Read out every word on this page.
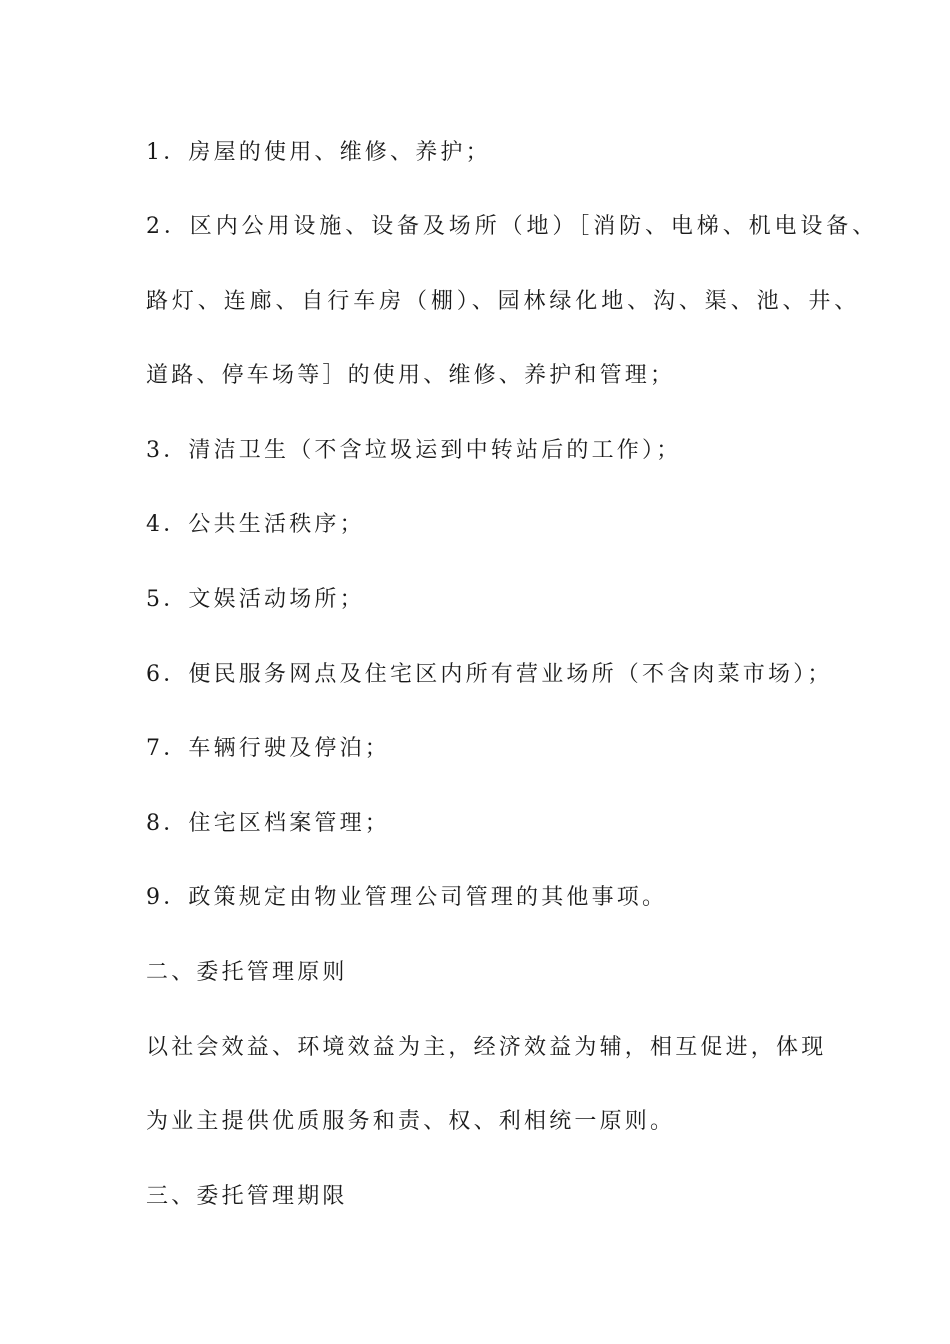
1．房屋的使用、维修、养护；
2．区内公用设施、设备及场所（地）［消防、电梯、机电设备、
路灯、连廊、自行车房（棚）、园林绿化地、沟、渠、池、井、
道路、停车场等］的使用、维修、养护和管理；
3．清洁卫生（不含垃圾运到中转站后的工作）；
4．公共生活秩序；
5．文娱活动场所；
6．便民服务网点及住宅区内所有营业场所（不含肉菜市场）；
7．车辆行驶及停泊；
8．住宅区档案管理；
9．政策规定由物业管理公司管理的其他事项。
二、委托管理原则
以社会效益、环境效益为主，经济效益为辅，相互促进，体现
为业主提供优质服务和责、权、利相统一原则。
三、委托管理期限
